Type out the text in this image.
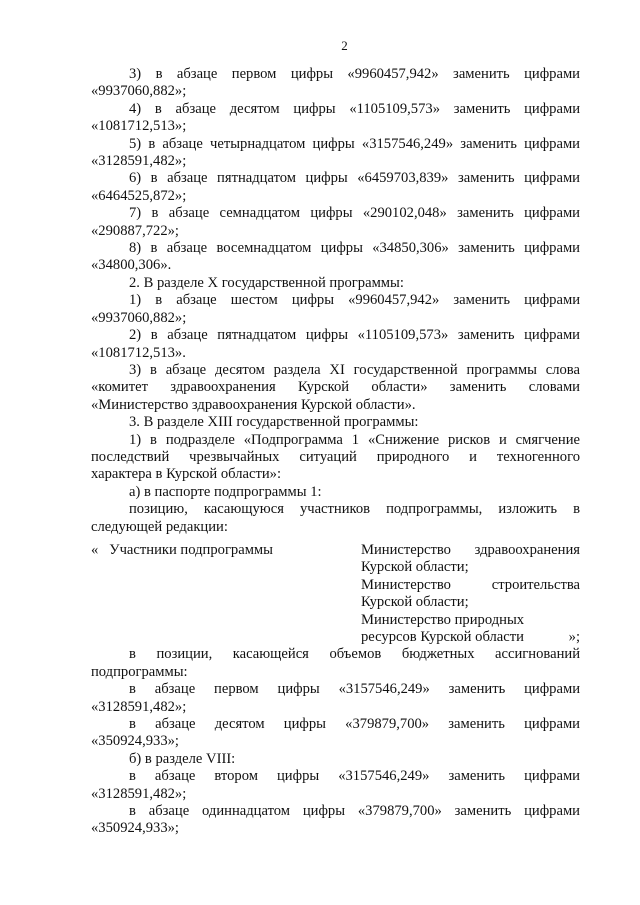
2
3) в абзаце первом цифры «9960457,942» заменить цифрами
«9937060,882»;
4) в абзаце десятом цифры «1105109,573» заменить цифрами
«1081712,513»;
5) в абзаце четырнадцатом цифры «3157546,249» заменить цифрами
«3128591,482»;
6) в абзаце пятнадцатом цифры «6459703,839» заменить цифрами
«6464525,872»;
7) в абзаце семнадцатом цифры «290102,048» заменить цифрами
«290887,722»;
8) в абзаце восемнадцатом цифры «34850,306» заменить цифрами
«34800,306».
2. В разделе X государственной программы:
1) в абзаце шестом цифры «9960457,942» заменить цифрами
«9937060,882»;
2) в абзаце пятнадцатом цифры «1105109,573» заменить цифрами
«1081712,513».
3) в абзаце десятом раздела XI государственной программы слова
«комитет здравоохранения Курской области» заменить словами
«Министерство здравоохранения Курской области».
3. В разделе XIII государственной программы:
1) в подразделе «Подпрограмма 1 «Снижение рисков и смягчение
последствий чрезвычайных ситуаций природного и техногенного
характера в Курской области»:
а) в паспорте подпрограммы 1:
позицию, касающуюся участников подпрограммы, изложить в
следующей редакции:
« Участники подпрограммы	Министерство здравоохранения
Курской области;
Министерство строительства
Курской области;
Министерство природных
ресурсов Курской области	»;
в позиции, касающейся объемов бюджетных ассигнований
подпрограммы:
в абзаце первом цифры «3157546,249» заменить цифрами
«3128591,482»;
в абзаце десятом цифры «379879,700» заменить цифрами
«350924,933»;
б) в разделе VIII:
в абзаце втором цифры «3157546,249» заменить цифрами
«3128591,482»;
в абзаце одиннадцатом цифры «379879,700» заменить цифрами
«350924,933»;
